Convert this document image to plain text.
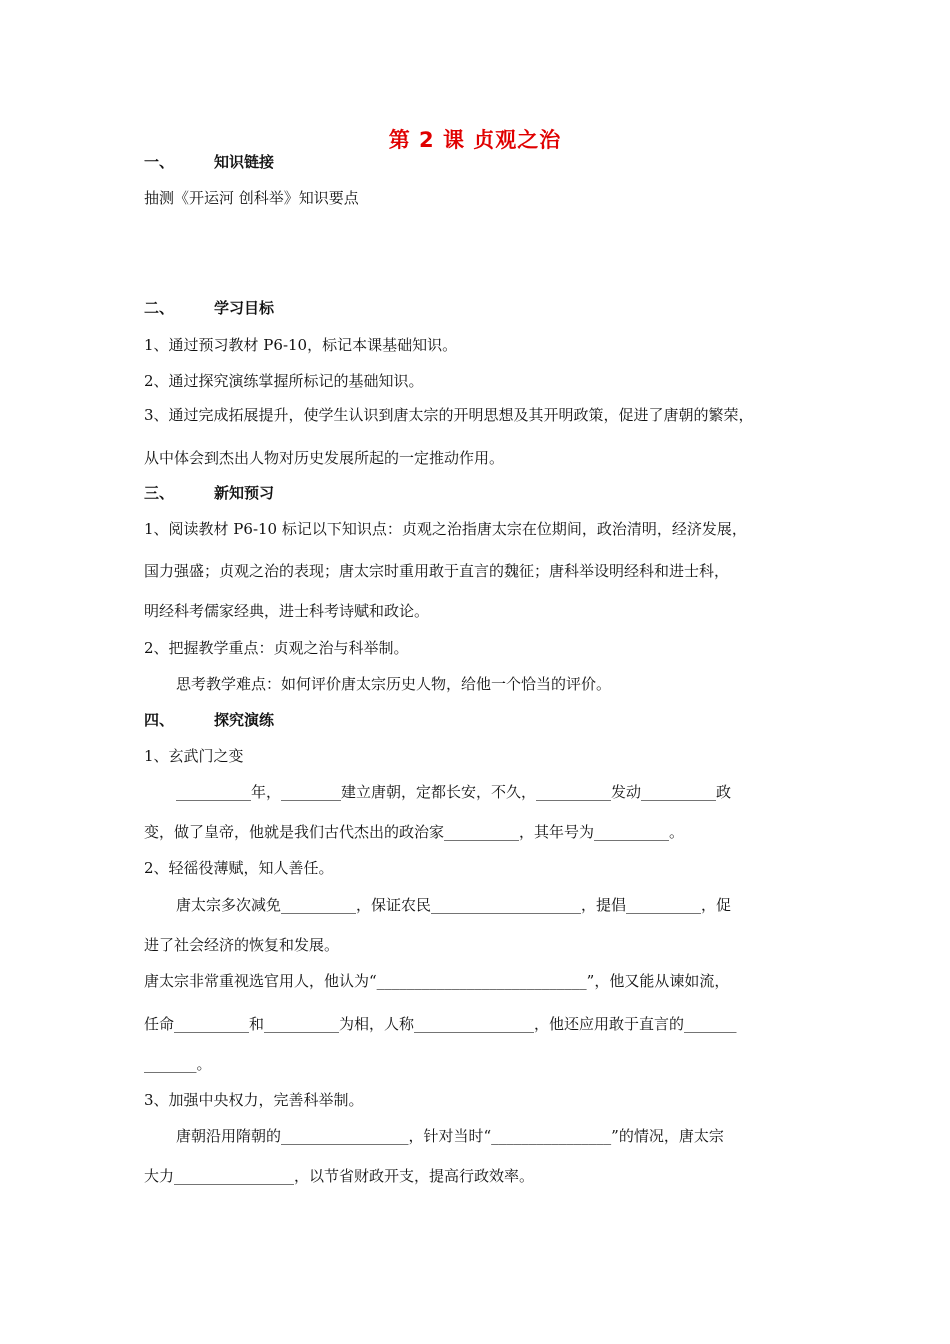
第 2 课 贞观之治
一、	知识链接
抽测《开运河 创科举》知识要点
二、	学习目标
1、通过预习教材 P6-10，标记本课基础知识。
2、通过探究演练掌握所标记的基础知识。
3、通过完成拓展提升，使学生认识到唐太宗的开明思想及其开明政策，促进了唐朝的繁荣，
从中体会到杰出人物对历史发展所起的一定推动作用。
三、	新知预习
1、阅读教材 P6-10 标记以下知识点：贞观之治指唐太宗在位期间，政治清明，经济发展，
国力强盛；贞观之治的表现；唐太宗时重用敢于直言的魏征；唐科举设明经科和进士科，
明经科考儒家经典，进士科考诗赋和政论。
2、把握教学重点：贞观之治与科举制。
思考教学难点：如何评价唐太宗历史人物，给他一个恰当的评价。
四、	探究演练
1、玄武门之变
__________年，________建立唐朝，定都长安，不久，__________发动__________政
变，做了皇帝，他就是我们古代杰出的政治家__________，其年号为__________。
2、轻徭役薄赋，知人善任。
唐太宗多次减免__________，保证农民____________________，提倡__________，促
进了社会经济的恢复和发展。
唐太宗非常重视选官用人，他认为“____________________________”，他又能从谏如流，
任命__________和__________为相，人称________________，他还应用敢于直言的_______
_______。
3、加强中央权力，完善科举制。
唐朝沿用隋朝的_________________，针对当时“________________”的情况，唐太宗
大力________________，以节省财政开支，提高行政效率。
